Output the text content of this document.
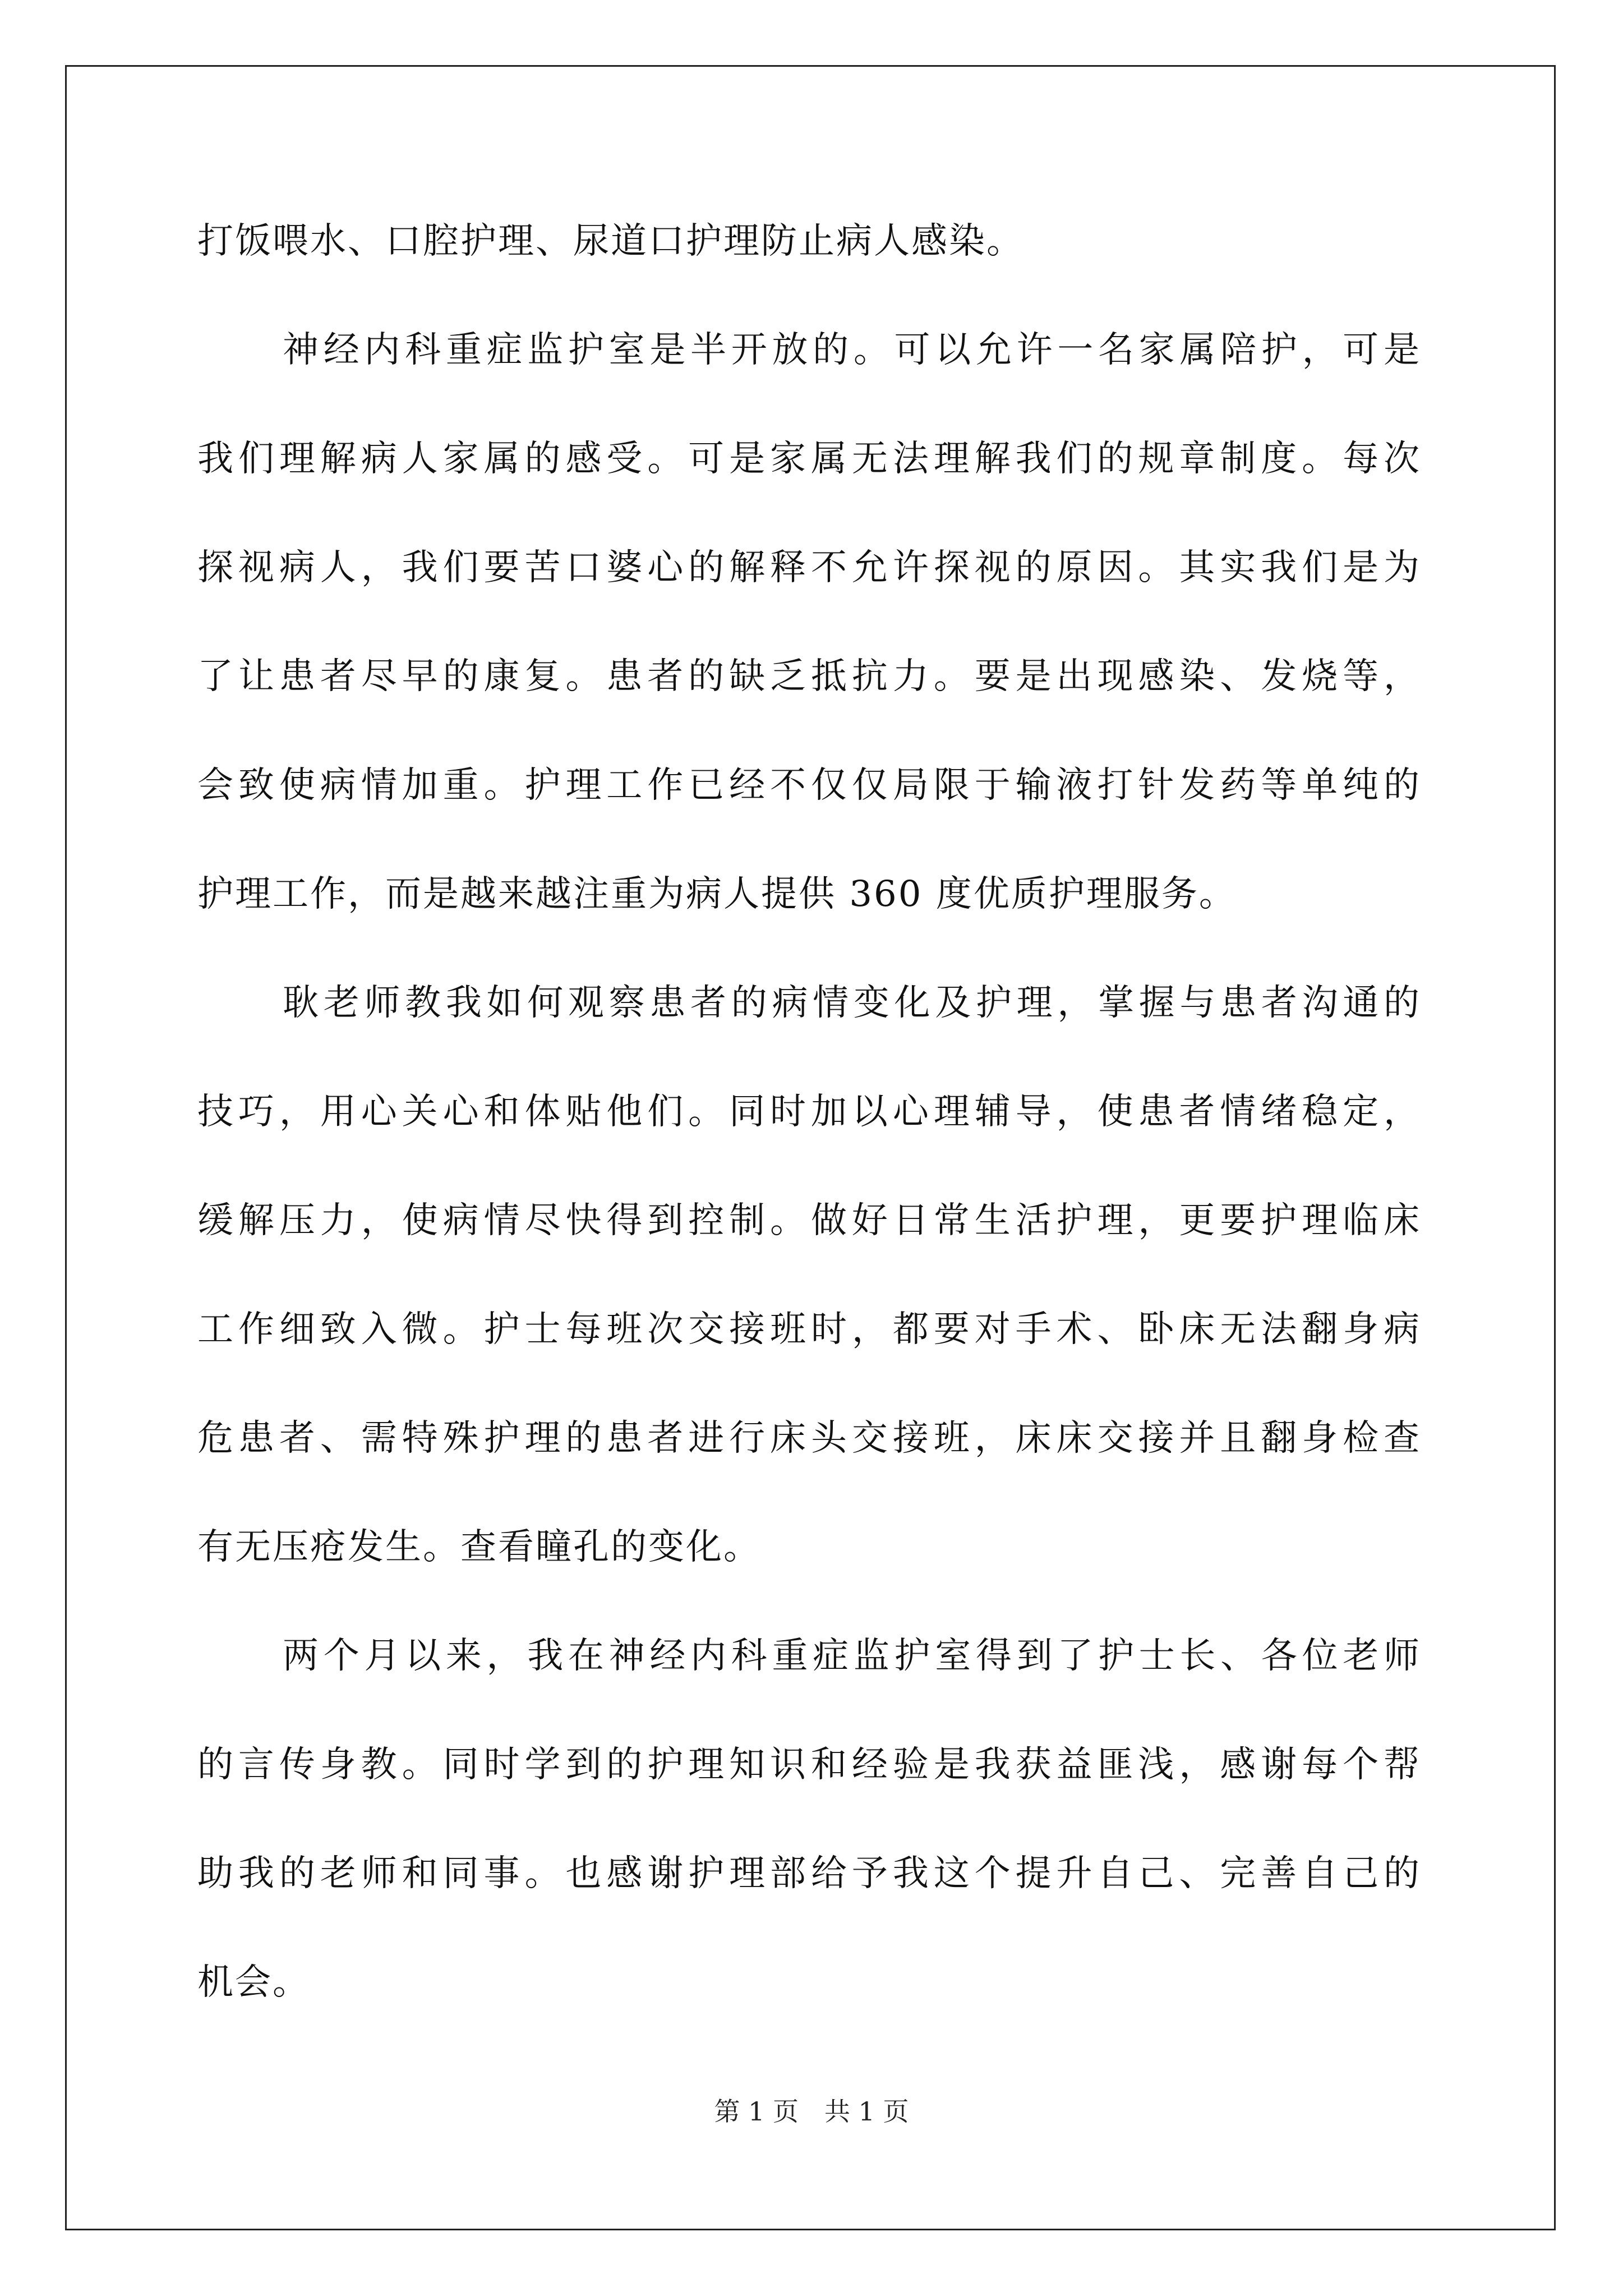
打饭喂水、口腔护理、尿道口护理防止病人感染。
神经内科重症监护室是半开放的。可以允许一名家属陪护，可是
我们理解病人家属的感受。可是家属无法理解我们的规章制度。每次
探视病人，我们要苦口婆心的解释不允许探视的原因。其实我们是为
了让患者尽早的康复。患者的缺乏抵抗力。要是出现感染、发烧等，
会致使病情加重。护理工作已经不仅仅局限于输液打针发药等单纯的
护理工作，而是越来越注重为病人提供 360 度优质护理服务。
耿老师教我如何观察患者的病情变化及护理，掌握与患者沟通的
技巧，用心关心和体贴他们。同时加以心理辅导，使患者情绪稳定，
缓解压力，使病情尽快得到控制。做好日常生活护理，更要护理临床
工作细致入微。护士每班次交接班时，都要对手术、卧床无法翻身病
危患者、需特殊护理的患者进行床头交接班，床床交接并且翻身检查
有无压疮发生。查看瞳孔的变化。
两个月以来，我在神经内科重症监护室得到了护士长、各位老师
的言传身教。同时学到的护理知识和经验是我获益匪浅，感谢每个帮
助我的老师和同事。也感谢护理部给予我这个提升自己、完善自己的
机会。
第 1 页　共 1 页
